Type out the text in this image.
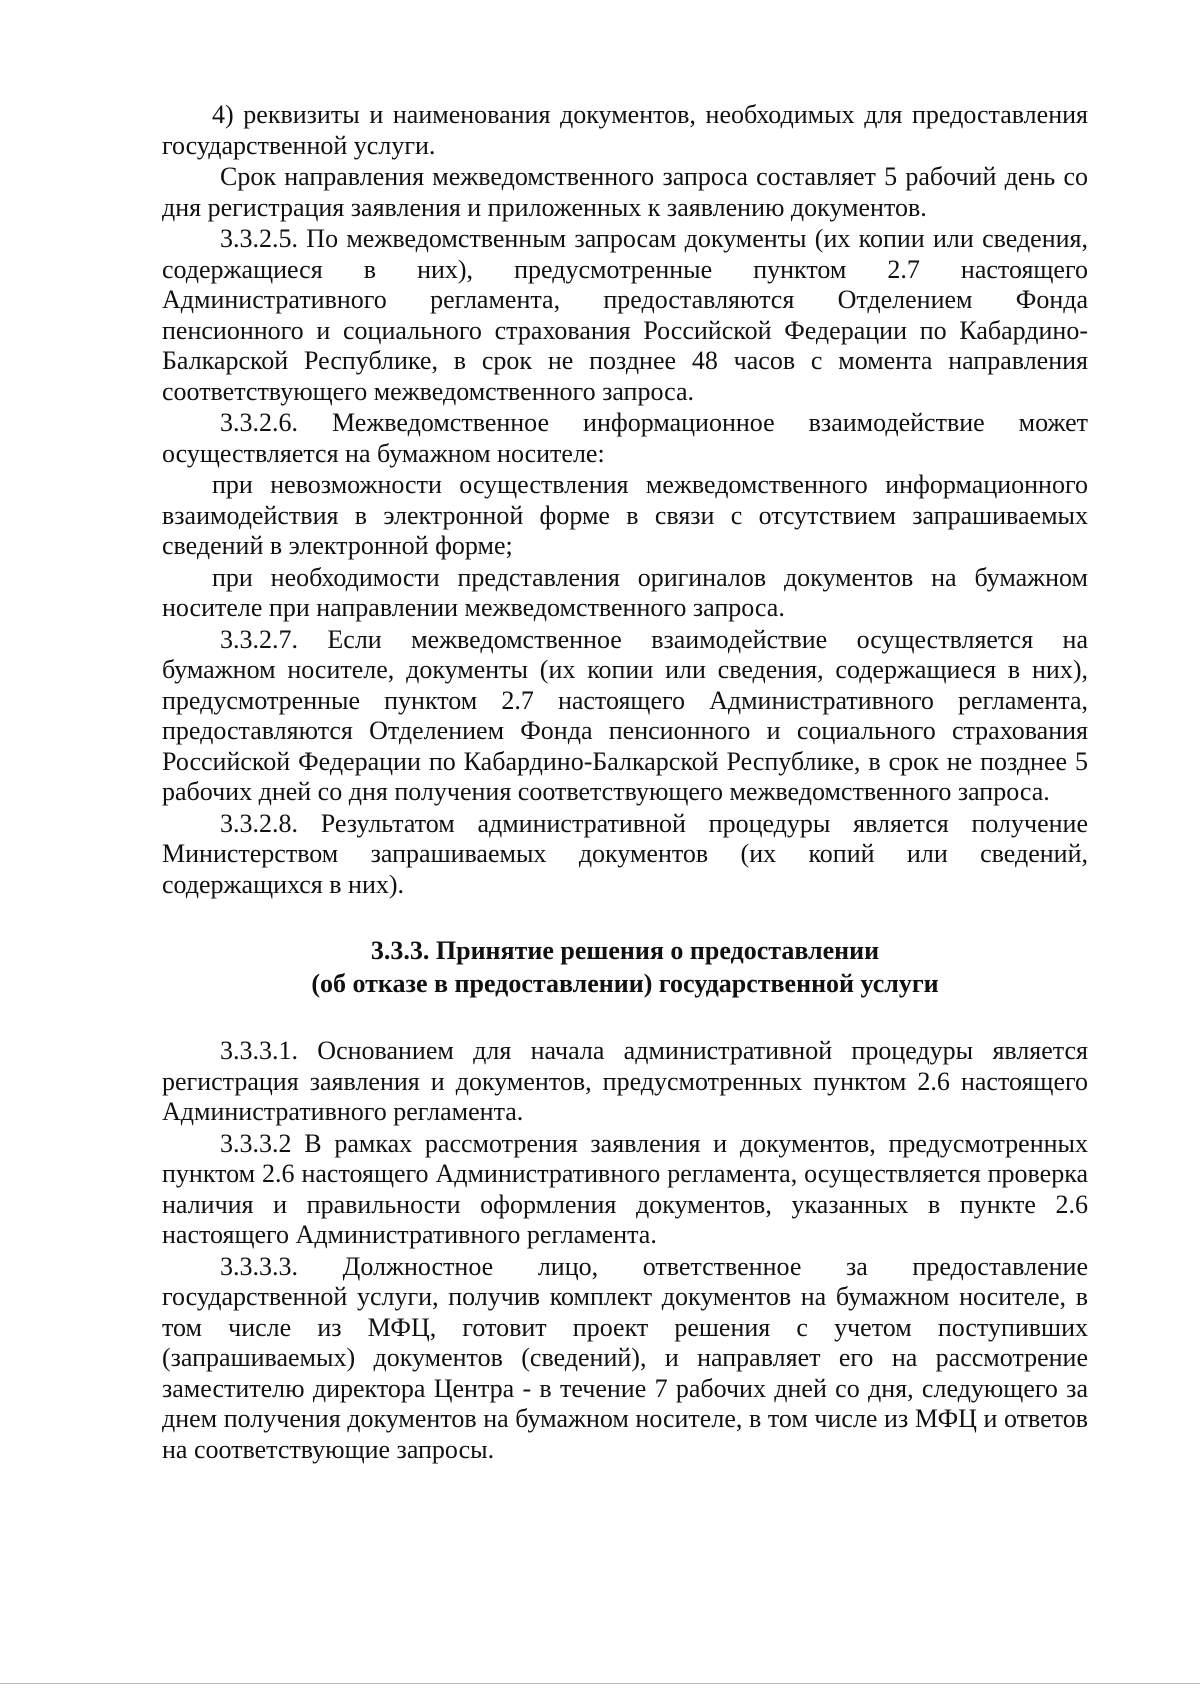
4) реквизиты и наименования документов, необходимых для предоставления государственной услуги.

Срок направления межведомственного запроса составляет 5 рабочий день со дня регистрация заявления и приложенных к заявлению документов.

3.3.2.5. По межведомственным запросам документы (их копии или сведения, содержащиеся в них), предусмотренные пунктом 2.7 настоящего Административного регламента, предоставляются Отделением Фонда пенсионного и социального страхования Российской Федерации по Кабардино-Балкарской Республике, в срок не позднее 48 часов с момента направления соответствующего межведомственного запроса.

3.3.2.6. Межведомственное информационное взаимодействие может осуществляется на бумажном носителе:

при невозможности осуществления межведомственного информационного взаимодействия в электронной форме в связи с отсутствием запрашиваемых сведений в электронной форме;

при необходимости представления оригиналов документов на бумажном носителе при направлении межведомственного запроса.

3.3.2.7. Если межведомственное взаимодействие осуществляется на бумажном носителе, документы (их копии или сведения, содержащиеся в них), предусмотренные пунктом 2.7 настоящего Административного регламента, предоставляются Отделением Фонда пенсионного и социального страхования Российской Федерации по Кабардино-Балкарской Республике, в срок не позднее 5 рабочих дней со дня получения соответствующего межведомственного запроса.

3.3.2.8. Результатом административной процедуры является получение Министерством запрашиваемых документов (их копий или сведений, содержащихся в них).

3.3.3. Принятие решения о предоставлении
(об отказе в предоставлении) государственной услуги

3.3.3.1. Основанием для начала административной процедуры является регистрация заявления и документов, предусмотренных пунктом 2.6 настоящего Административного регламента.

3.3.3.2 В рамках рассмотрения заявления и документов, предусмотренных пунктом 2.6 настоящего Административного регламента, осуществляется проверка наличия и правильности оформления документов, указанных в пункте 2.6 настоящего Административного регламента.

3.3.3.3. Должностное лицо, ответственное за предоставление государственной услуги, получив комплект документов на бумажном носителе, в том числе из МФЦ, готовит проект решения с учетом поступивших (запрашиваемых) документов (сведений), и направляет его на рассмотрение заместителю директора Центра - в течение 7 рабочих дней со дня, следующего за днем получения документов на бумажном носителе, в том числе из МФЦ и ответов на соответствующие запросы.
